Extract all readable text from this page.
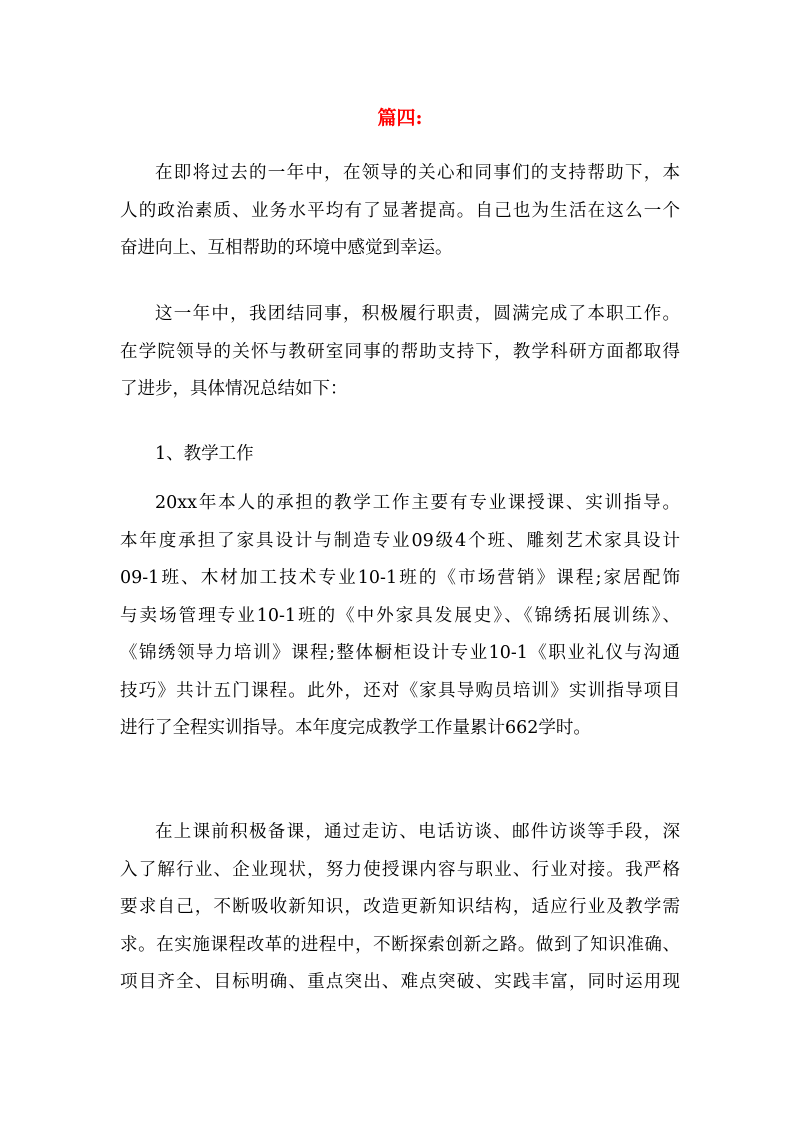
篇四:
在即将过去的一年中，在领导的关心和同事们的支持帮助下，本
人的政治素质、业务水平均有了显著提高。自己也为生活在这么一个
奋进向上、互相帮助的环境中感觉到幸运。
这一年中，我团结同事，积极履行职责，圆满完成了本职工作。
在学院领导的关怀与教研室同事的帮助支持下，教学科研方面都取得
了进步，具体情况总结如下：
1、教学工作
20xx年本人的承担的教学工作主要有专业课授课、实训指导。
本年度承担了家具设计与制造专业09级4个班、雕刻艺术家具设计
09-1班、木材加工技术专业10-1班的《市场营销》课程;家居配饰
与卖场管理专业10-1班的《中外家具发展史》、《锦绣拓展训练》、
《锦绣领导力培训》课程;整体橱柜设计专业10-1《职业礼仪与沟通
技巧》共计五门课程。此外，还对《家具导购员培训》实训指导项目
进行了全程实训指导。本年度完成教学工作量累计662学时。
在上课前积极备课，通过走访、电话访谈、邮件访谈等手段，深
入了解行业、企业现状，努力使授课内容与职业、行业对接。我严格
要求自己，不断吸收新知识，改造更新知识结构，适应行业及教学需
求。在实施课程改革的进程中，不断探索创新之路。做到了知识准确、
项目齐全、目标明确、重点突出、难点突破、实践丰富，同时运用现
